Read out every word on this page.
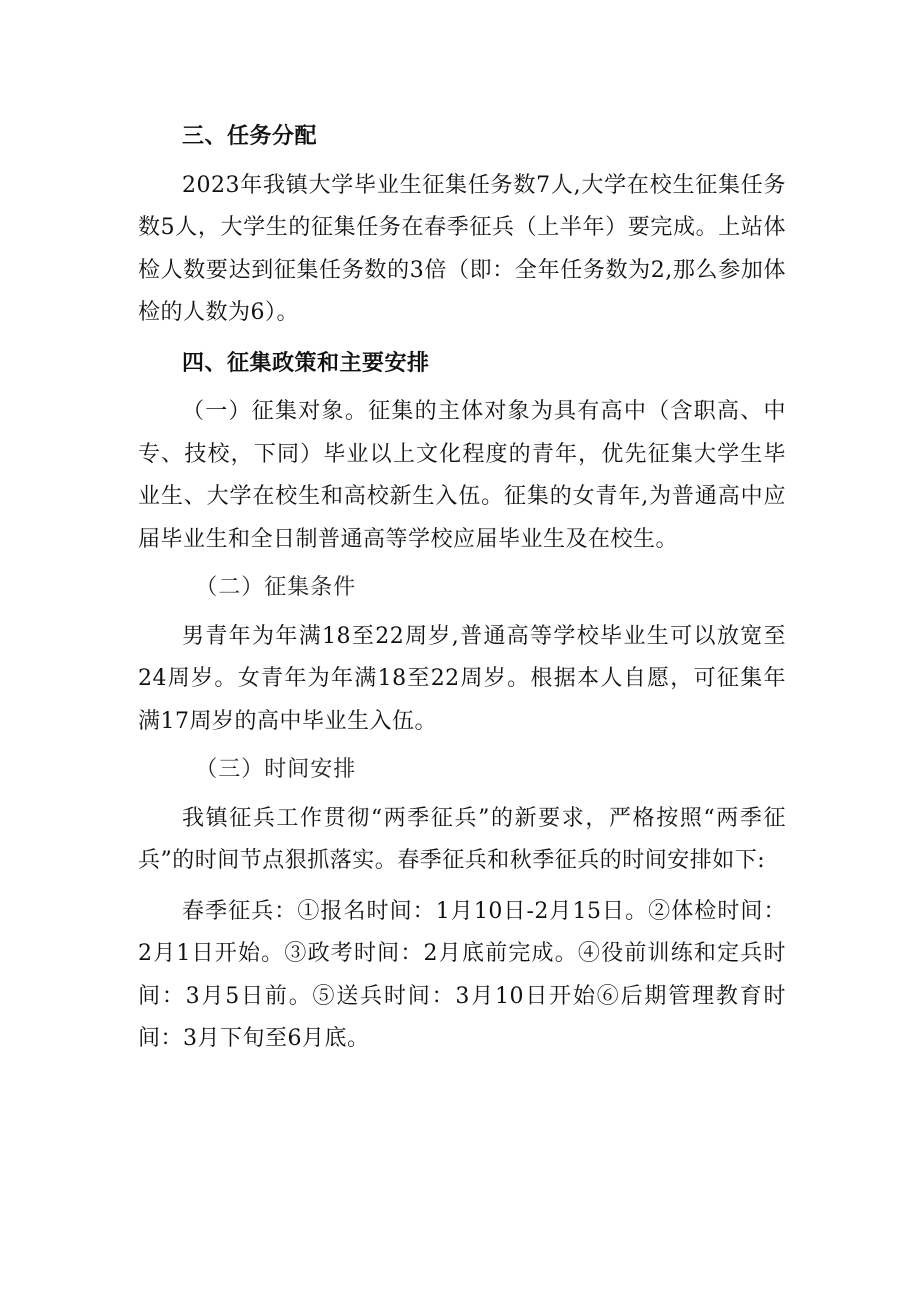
三、任务分配

2023年我镇大学毕业生征集任务数7人,大学在校生征集任务数5人，大学生的征集任务在春季征兵（上半年）要完成。上站体检人数要达到征集任务数的3倍（即：全年任务数为2,那么参加体检的人数为6）。

四、征集政策和主要安排

（一）征集对象。征集的主体对象为具有高中（含职高、中专、技校，下同）毕业以上文化程度的青年，优先征集大学生毕业生、大学在校生和高校新生入伍。征集的女青年,为普通高中应届毕业生和全日制普通高等学校应届毕业生及在校生。

（二）征集条件

男青年为年满18至22周岁,普通高等学校毕业生可以放宽至24周岁。女青年为年满18至22周岁。根据本人自愿，可征集年满17周岁的高中毕业生入伍。

（三）时间安排

我镇征兵工作贯彻“两季征兵”的新要求，严格按照“两季征兵”的时间节点狠抓落实。春季征兵和秋季征兵的时间安排如下:

春季征兵：①报名时间：1月10日-2月15日。②体检时间：2月1日开始。③政考时间：2月底前完成。④役前训练和定兵时间：3月5日前。⑤送兵时间：3月10日开始⑥后期管理教育时间：3月下旬至6月底。
